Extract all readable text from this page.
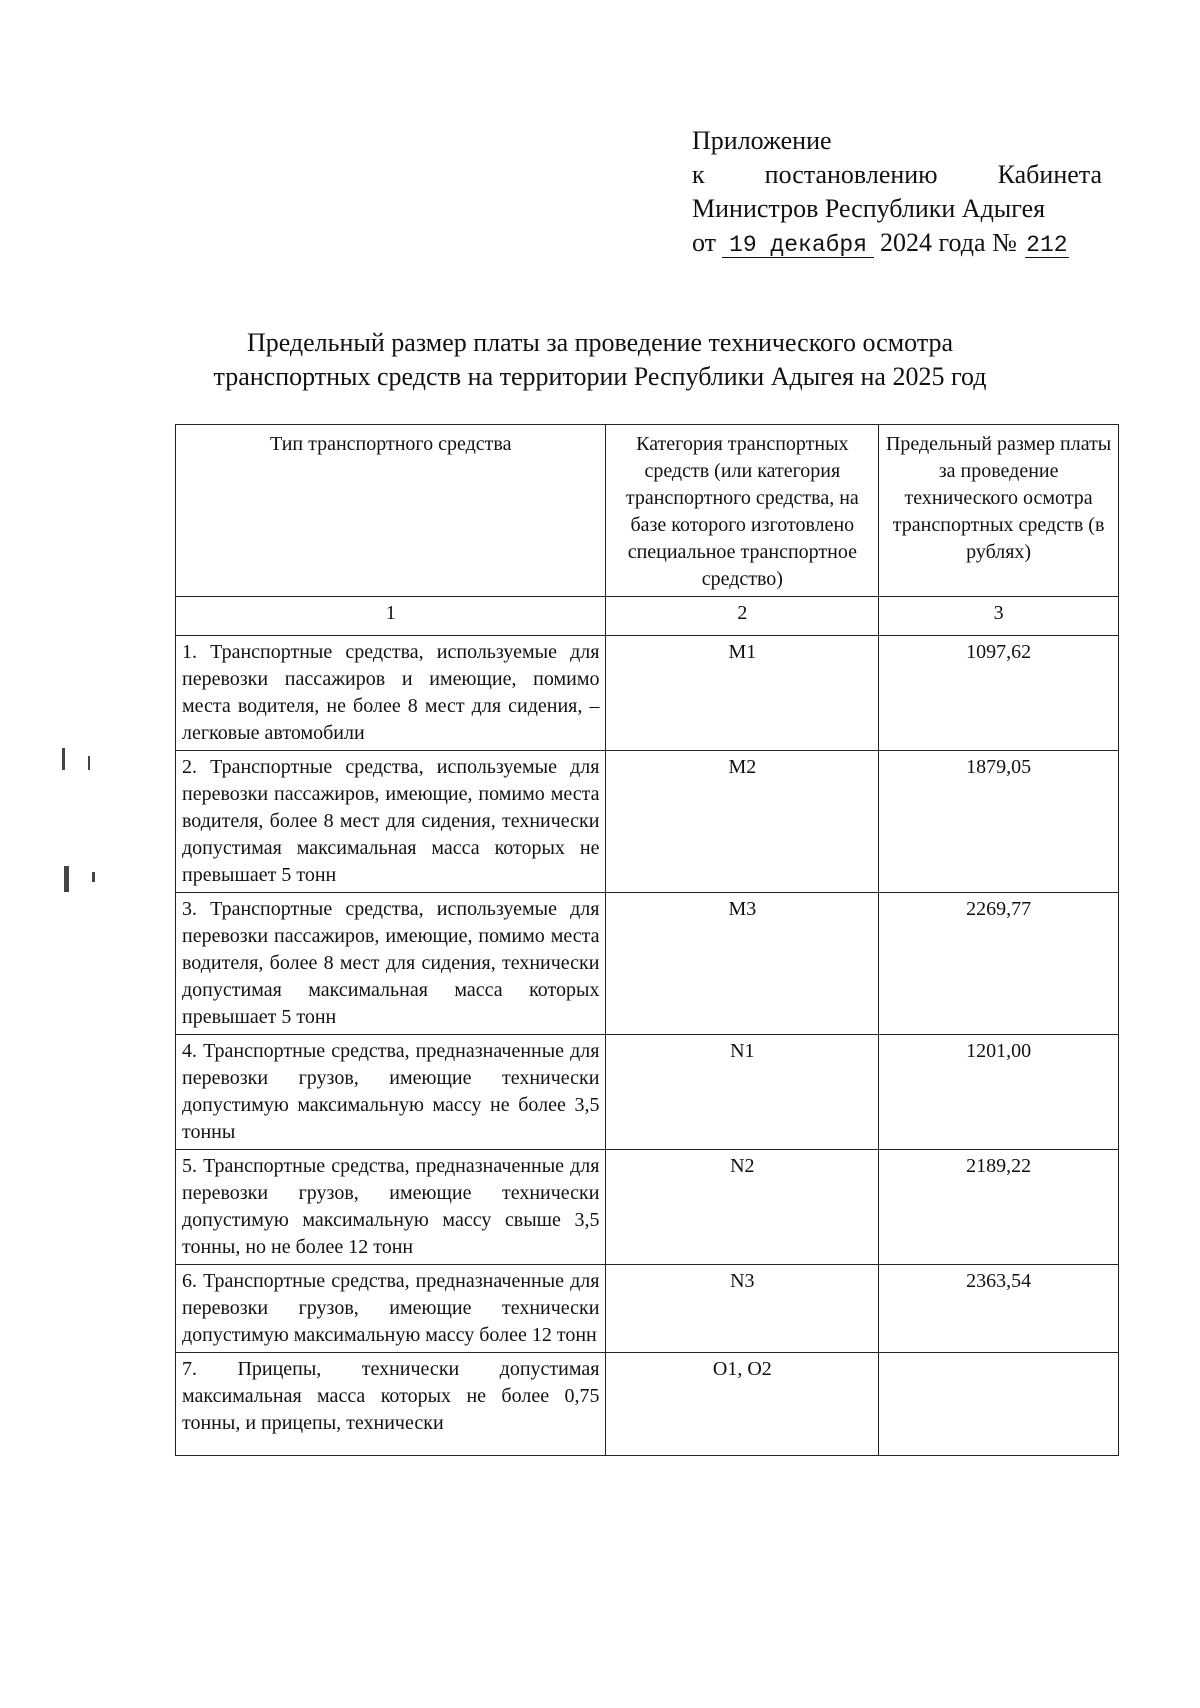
Приложение
к постановлению Кабинета
Министров Республики Адыгея
от 19 декабря 2024 года № 212
Предельный размер платы за проведение технического осмотра
транспортных средств на территории Республики Адыгея на 2025 год
Тип транспортного средства	Категория транспортных средств (или категория транспортного средства, на базе которого изготовлено специальное транспортное средство)	Предельный размер платы за проведение технического осмотра транспортных средств (в рублях)
1	2	3
1. Транспортные средства, используемые для перевозки пассажиров и имеющие, помимо места водителя, не более 8 мест для сидения, – легковые автомобили	M1	1097,62
2. Транспортные средства, используемые для перевозки пассажиров, имеющие, помимо места водителя, более 8 мест для сидения, технически допустимая максимальная масса которых не превышает 5 тонн	M2	1879,05
3. Транспортные средства, используемые для перевозки пассажиров, имеющие, помимо места водителя, более 8 мест для сидения, технически допустимая максимальная масса которых превышает 5 тонн	M3	2269,77
4. Транспортные средства, предназначенные для перевозки грузов, имеющие технически допустимую максимальную массу не более 3,5 тонны	N1	1201,00
5. Транспортные средства, предназначенные для перевозки грузов, имеющие технически допустимую максимальную массу свыше 3,5 тонны, но не более 12 тонн	N2	2189,22
6. Транспортные средства, предназначенные для перевозки грузов, имеющие технически допустимую максимальную массу более 12 тонн	N3	2363,54
7. Прицепы, технически допустимая максимальная масса которых не более 0,75 тонны, и прицепы, технически	O1, O2	
